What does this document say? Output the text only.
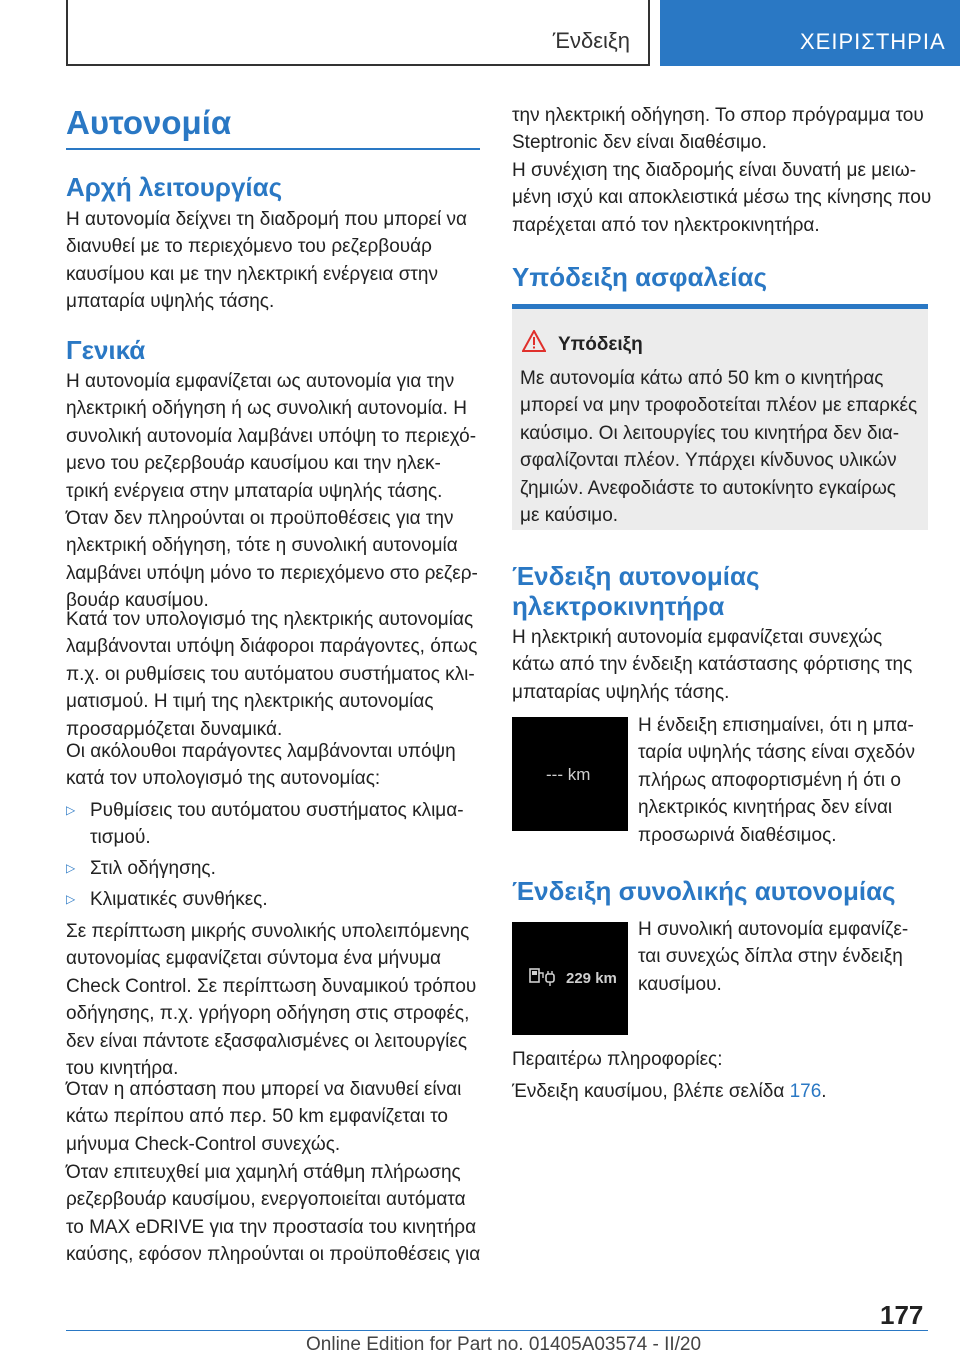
Ένδειξη	ΧΕΙΡΙΣΤΗΡΙΑ
Αυτονομία
Αρχή λειτουργίας
Η αυτονομία δείχνει τη διαδρομή που μπορεί να
διανυθεί με το περιεχόμενο του ρεζερβουάρ
καυσίμου και με την ηλεκτρική ενέργεια στην
μπαταρία υψηλής τάσης.
Γενικά
Η αυτονομία εμφανίζεται ως αυτονομία για την
ηλεκτρική οδήγηση ή ως συνολική αυτονομία. Η
συνολική αυτονομία λαμβάνει υπόψη το περιεχό-
μενο του ρεζερβουάρ καυσίμου και την ηλεκ-
τρική ενέργεια στην μπαταρία υψηλής τάσης.
Όταν δεν πληρούνται οι προϋποθέσεις για την
ηλεκτρική οδήγηση, τότε η συνολική αυτονομία
λαμβάνει υπόψη μόνο το περιεχόμενο στο ρεζερ-
βουάρ καυσίμου.
Κατά τον υπολογισμό της ηλεκτρικής αυτονομίας
λαμβάνονται υπόψη διάφοροι παράγοντες, όπως
π.χ. οι ρυθμίσεις του αυτόματου συστήματος κλι-
ματισμού. Η τιμή της ηλεκτρικής αυτονομίας
προσαρμόζεται δυναμικά.
Οι ακόλουθοι παράγοντες λαμβάνονται υπόψη
κατά τον υπολογισμό της αυτονομίας:
▷ Ρυθμίσεις του αυτόματου συστήματος κλιμα-
τισμού.
▷ Στιλ οδήγησης.
▷ Κλιματικές συνθήκες.
Σε περίπτωση μικρής συνολικής υπολειπόμενης
αυτονομίας εμφανίζεται σύντομα ένα μήνυμα
Check Control. Σε περίπτωση δυναμικού τρόπου
οδήγησης, π.χ. γρήγορη οδήγηση στις στροφές,
δεν είναι πάντοτε εξασφαλισμένες οι λειτουργίες
του κινητήρα.
Όταν η απόσταση που μπορεί να διανυθεί είναι
κάτω περίπου από περ. 50 km εμφανίζεται το
μήνυμα Check-Control συνεχώς.
Όταν επιτευχθεί μια χαμηλή στάθμη πλήρωσης
ρεζερβουάρ καυσίμου, ενεργοποιείται αυτόματα
το MAX eDRIVE για την προστασία του κινητήρα
καύσης, εφόσον πληρούνται οι προϋποθέσεις για
την ηλεκτρική οδήγηση. Το σπορ πρόγραμμα του
Steptronic δεν είναι διαθέσιμο.
Η συνέχιση της διαδρομής είναι δυνατή με μειω-
μένη ισχύ και αποκλειστικά μέσω της κίνησης που
παρέχεται από τον ηλεκτροκινητήρα.
Υπόδειξη ασφαλείας
Υπόδειξη
Με αυτονομία κάτω από 50 km ο κινητήρας
μπορεί να μην τροφοδοτείται πλέον με επαρκές
καύσιμο. Οι λειτουργίες του κινητήρα δεν δια-
σφαλίζονται πλέον. Υπάρχει κίνδυνος υλικών
ζημιών. Ανεφοδιάστε το αυτοκίνητο εγκαίρως
με καύσιμο.
Ένδειξη αυτονομίας
ηλεκτροκινητήρα
Η ηλεκτρική αυτονομία εμφανίζεται συνεχώς
κάτω από την ένδειξη κατάστασης φόρτισης της
μπαταρίας υψηλής τάσης.
--- km
Η ένδειξη επισημαίνει, ότι η μπα-
ταρία υψηλής τάσης είναι σχεδόν
πλήρως αποφορτισμένη ή ότι ο
ηλεκτρικός κινητήρας δεν είναι
προσωρινά διαθέσιμος.
Ένδειξη συνολικής αυτονομίας
229 km
Η συνολική αυτονομία εμφανίζε-
ται συνεχώς δίπλα στην ένδειξη
καυσίμου.
Περαιτέρω πληροφορίες:
Ένδειξη καυσίμου, βλέπε σελίδα 176.
177
Online Edition for Part no. 01405A03574 - II/20
